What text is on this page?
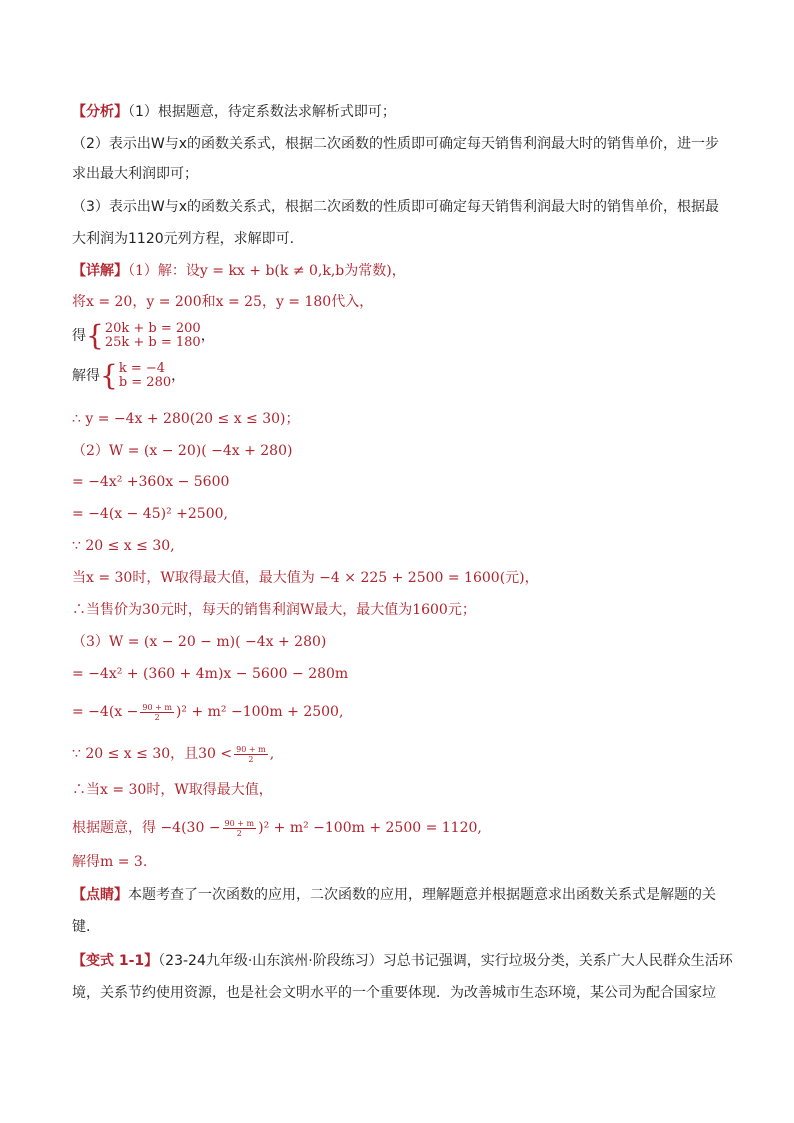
【分析】（1）根据题意，待定系数法求解析式即可；
（2）表示出W与x的函数关系式，根据二次函数的性质即可确定每天销售利润最大时的销售单价，进一步
求出最大利润即可；
（3）表示出W与x的函数关系式，根据二次函数的性质即可确定每天销售利润最大时的销售单价，根据最
大利润为1120元列方程，求解即可.
【详解】（1）解：设y = kx + b(k ≠ 0,k,b为常数)，
将x = 20，y = 200和x = 25，y = 180代入，
得{ 20k + b = 200
25k + b = 180 ，
解得{ k = −4
b = 280 ，
∴ y = −4x + 280(20 ≤ x ≤ 30)；
（2）W = (x − 20)( −4x + 280)
= −4x² +360x − 5600
= −4(x − 45)² +2500,
∵ 20 ≤ x ≤ 30,
当x = 30时，W取得最大值，最大值为 −4 × 225 + 2500 = 1600(元)，
∴当售价为30元时，每天的销售利润W最大，最大值为1600元；
（3）W = (x − 20 − m)( −4x + 280)
= −4x² + (360 + 4m)x − 5600 − 280m
= $-4(x - \frac{90 + m}{2} )^2 + m^2 -100m + 2500$,
∵ 20 ≤ x ≤ 30，且$30 < \frac{90 + m}{2}$ ,
∴当x = 30时，W取得最大值，
根据题意，得 $-4(30 - \frac{90 + m}{2} )^2 + m^2 -100m + 2500 = 1120$,
解得m = 3.
【点睛】本题考查了一次函数的应用，二次函数的应用，理解题意并根据题意求出函数关系式是解题的关
键.
【变式 1-1】（23-24九年级·山东滨州·阶段练习）习总书记强调，实行垃圾分类，关系广大人民群众生活环
境，关系节约使用资源，也是社会文明水平的一个重要体现．为改善城市生态环境，某公司为配合国家垃
